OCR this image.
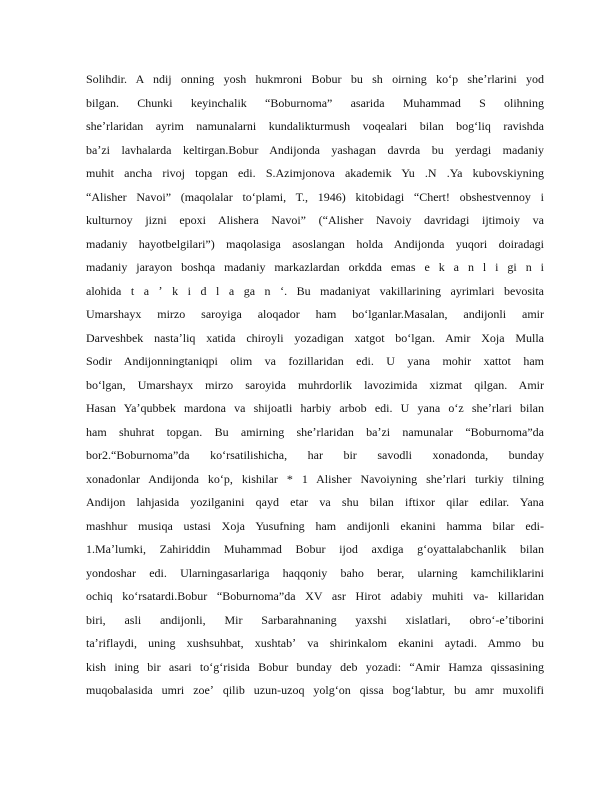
Solihdir. A ndij onning yosh hukmroni Bobur bu sh oirning koʻp sheʼrlarini yod
bilgan. Chunki keyinchalik “Boburnoma” asarida Muhammad S olihning
sheʼrlaridan ayrim namunalarni kundalikturmush voqealari bilan bogʻliq ravishda
baʼzi lavhalarda keltirgan.Bobur Andijonda yashagan davrda bu yerdagi madaniy
muhit ancha rivoj topgan edi. S.Azimjonova akademik Yu .N .Ya kubovskiyning
“Alisher Navoi” (maqolalar toʻplami, T., 1946) kitobidagi “Chert! obshestvennoy i
kulturnoy jizni epoxi Alishera Navoi” (“Alisher Navoiy davridagi ijtimoiy va
madaniy hayotbelgilari”) maqolasiga asoslangan holda Andijonda yuqori doiradagi
madaniy jarayon boshqa madaniy markazlardan orkdda emas e k a n l i gi n i
alohida t a ʼ k i d l a ga n ʻ. Bu madaniyat vakillarining ayrimlari bevosita
Umarshayx mirzo saroyiga aloqador ham boʻlganlar.Masalan, andijonli amir
Darveshbek nastaʼliq xatida chiroyli yozadigan xatgot boʻlgan. Amir Xoja Mulla
Sodir Andijonningtaniqpi olim va fozillaridan edi. U yana mohir xattot ham
boʻlgan, Umarshayx mirzo saroyida muhrdorlik lavozimida xizmat qilgan. Amir
Hasan Yaʼqubbek mardona va shijoatli harbiy arbob edi. U yana oʻz sheʼrlari bilan
ham shuhrat topgan. Bu amirning sheʼrlaridan baʼzi namunalar “Boburnoma”da
bor2.“Boburnoma”da koʻrsatilishicha, har bir savodli xonadonda, bunday
xonadonlar Andijonda koʻp, kishilar * 1 Alisher Navoiyning sheʼrlari turkiy tilning
Andijon lahjasida yozilganini qayd etar va shu bilan iftixor qilar edilar. Yana
mashhur musiqa ustasi Xoja Yusufning ham andijonli ekanini hamma bilar edi-
1.Maʼlumki, Zahiriddin Muhammad Bobur ijod axdiga gʻoyattalabchanlik bilan
yondoshar edi. Ularningasarlariga haqqoniy baho berar, ularning kamchiliklarini
ochiq koʻrsatardi.Bobur “Boburnoma”da XV asr Hirot adabiy muhiti va- killaridan
biri, asli andijonli, Mir Sarbarahnaning yaxshi xislatlari, obroʻ-eʼtiborini
taʼriflaydi, uning xushsuhbat, xushtabʼ va shirinkalom ekanini aytadi. Ammo bu
kish ining bir asari toʻgʻrisida Bobur bunday deb yozadi: “Amir Hamza qissasining
muqobalasida umri zoeʼ qilib uzun-uzoq yolgʻon qissa bogʻlabtur, bu amr muxolifi
